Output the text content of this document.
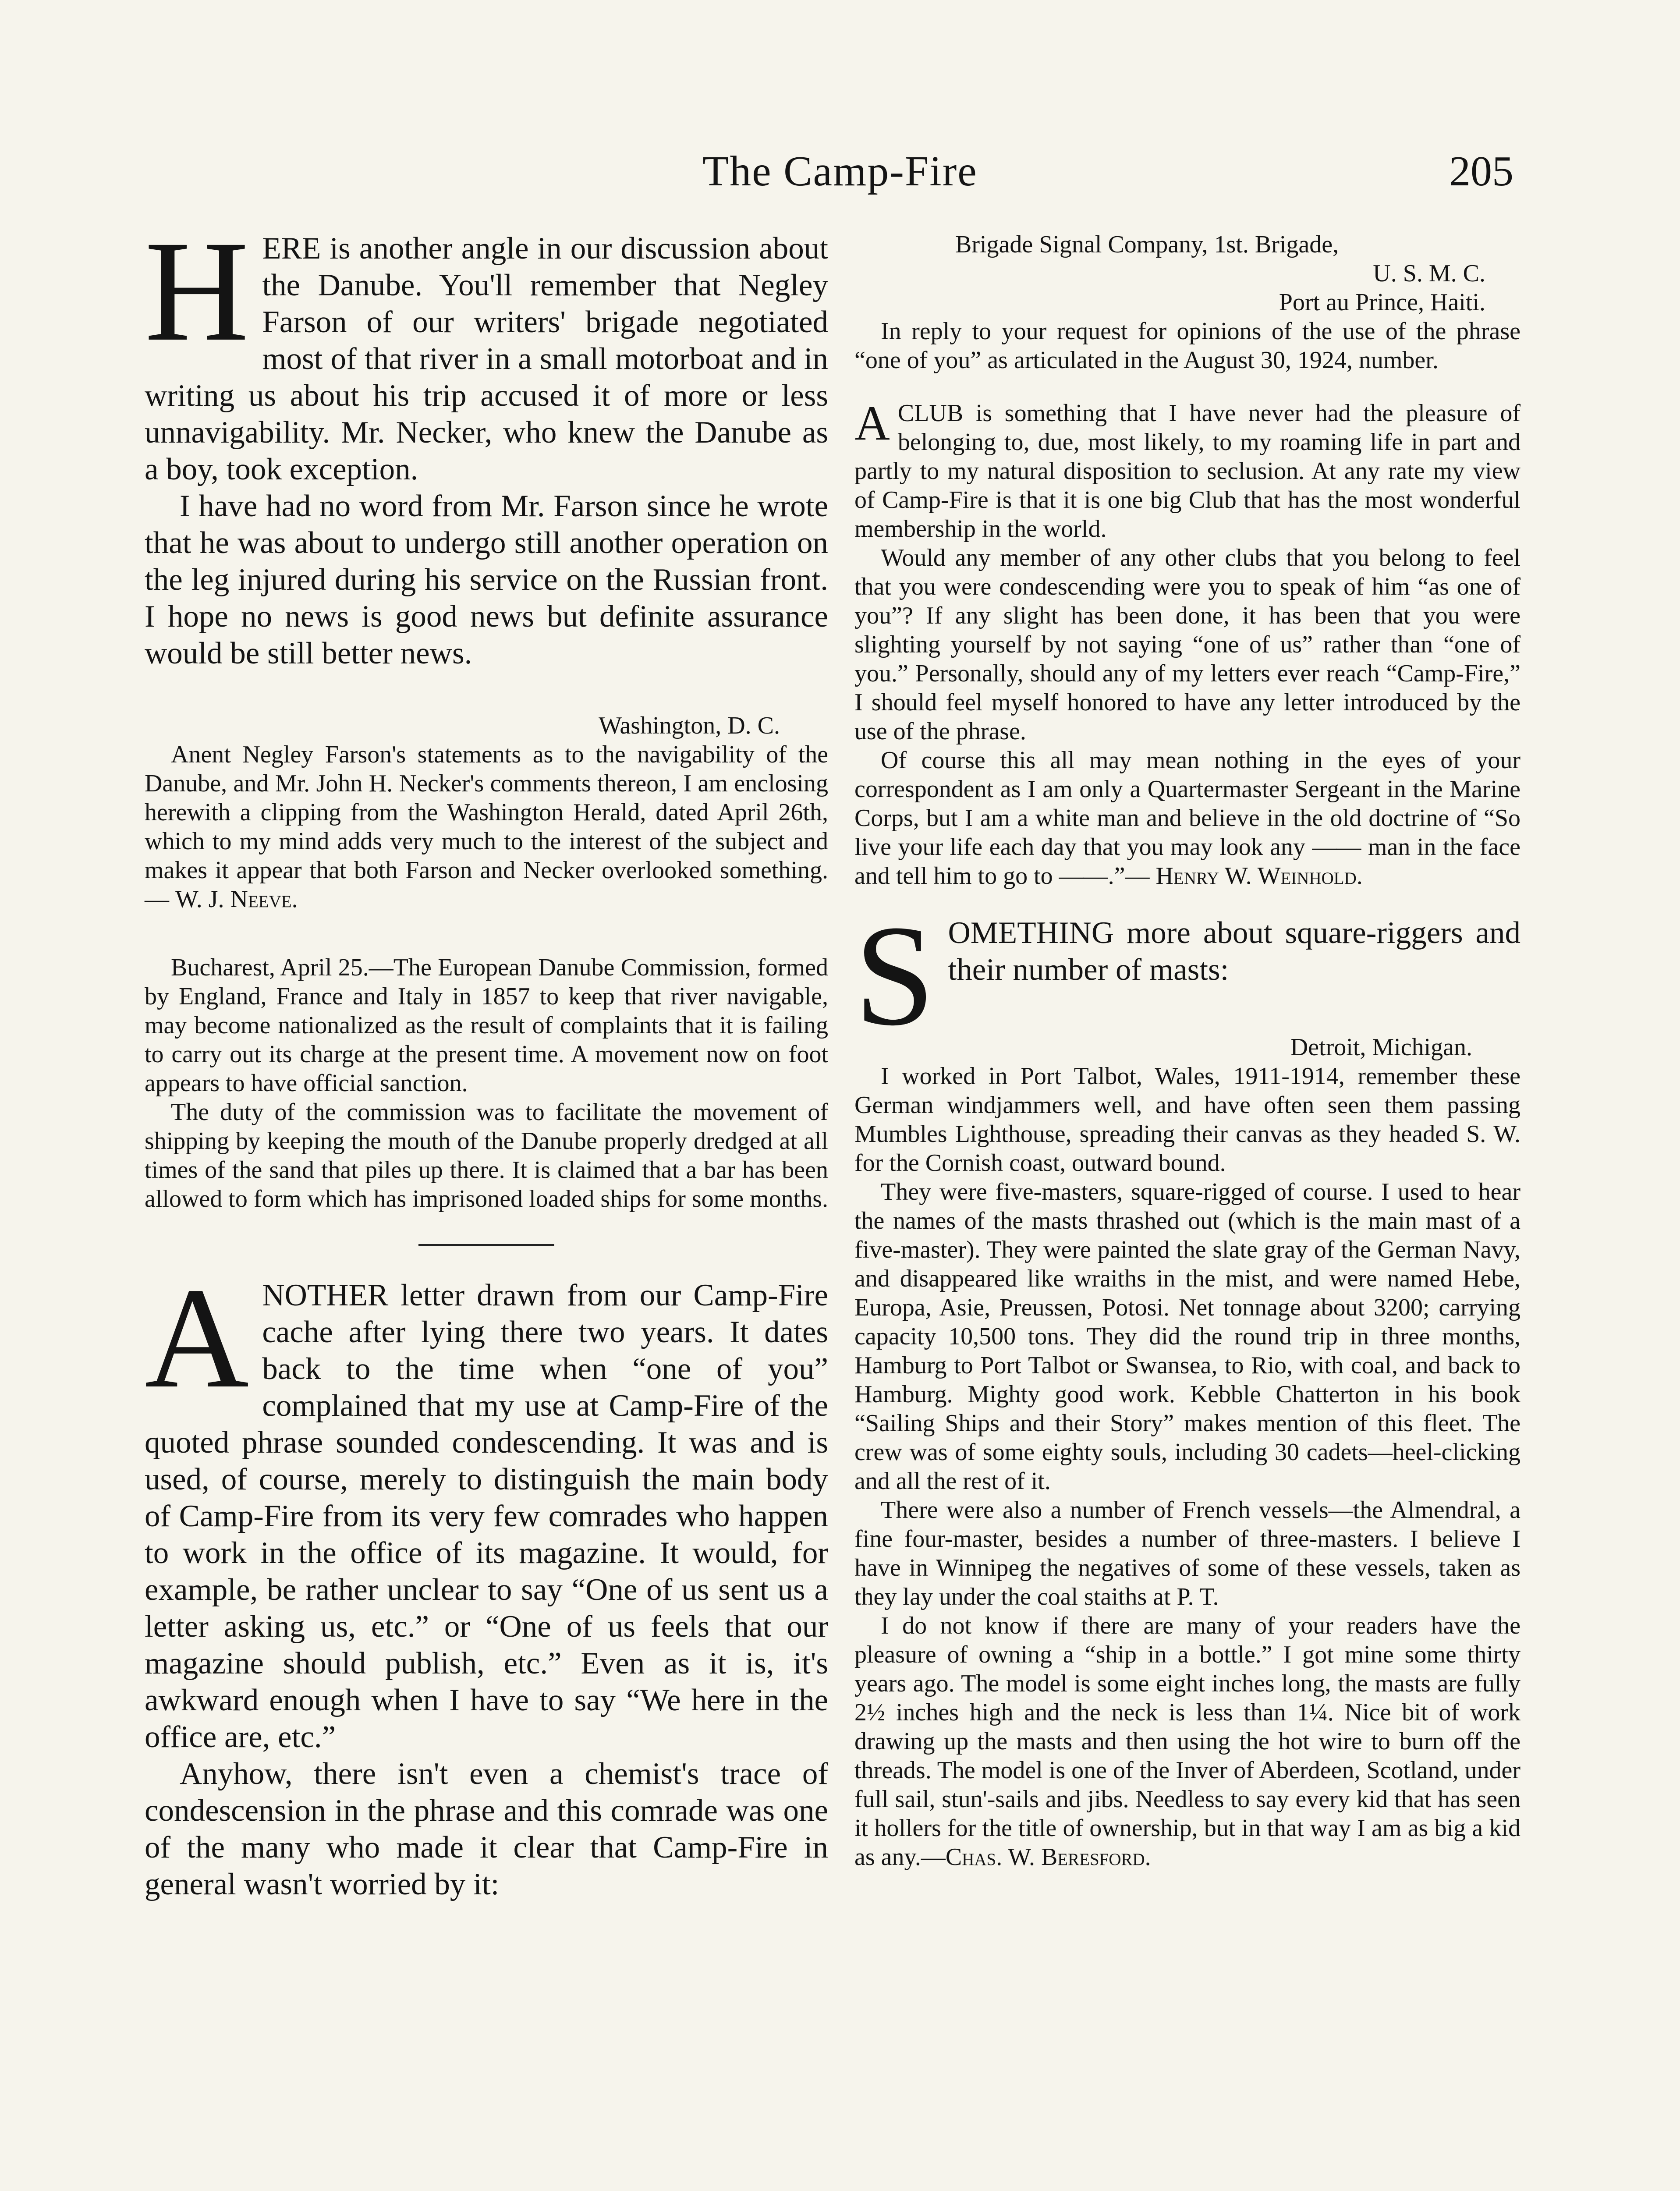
The Camp-Fire	205

HERE is another angle in our discussion about the Danube. You'll remember that Negley Farson of our writers' brigade negotiated most of that river in a small motorboat and in writing us about his trip accused it of more or less unnavigability. Mr. Necker, who knew the Danube as a boy, took exception.

I have had no word from Mr. Farson since he wrote that he was about to undergo still another operation on the leg injured during his service on the Russian front. I hope no news is good news but definite assurance would be still better news.

Washington, D. C.

Anent Negley Farson's statements as to the navigability of the Danube, and Mr. John H. Necker's comments thereon, I am enclosing herewith a clipping from the Washington Herald, dated April 26th, which to my mind adds very much to the interest of the subject and makes it appear that both Farson and Necker overlooked something.— W. J. Neeve.

Bucharest, April 25.—The European Danube Commission, formed by England, France and Italy in 1857 to keep that river navigable, may become nationalized as the result of complaints that it is failing to carry out its charge at the present time. A movement now on foot appears to have official sanction.

The duty of the commission was to facilitate the movement of shipping by keeping the mouth of the Danube properly dredged at all times of the sand that piles up there. It is claimed that a bar has been allowed to form which has imprisoned loaded ships for some months.

ANOTHER letter drawn from our Camp-Fire cache after lying there two years. It dates back to the time when “one of you” complained that my use at Camp-Fire of the quoted phrase sounded condescending. It was and is used, of course, merely to distinguish the main body of Camp-Fire from its very few comrades who happen to work in the office of its magazine. It would, for example, be rather unclear to say “One of us sent us a letter asking us, etc.” or “One of us feels that our magazine should publish, etc.” Even as it is, it's awkward enough when I have to say “We here in the office are, etc.”

Anyhow, there isn't even a chemist's trace of condescension in the phrase and this comrade was one of the many who made it clear that Camp-Fire in general wasn't worried by it:

Brigade Signal Company, 1st. Brigade,

U. S. M. C.

Port au Prince, Haiti.

In reply to your request for opinions of the use of the phrase “one of you” as articulated in the August 30, 1924, number.

ACLUB is something that I have never had the pleasure of belonging to, due, most likely, to my roaming life in part and partly to my natural disposition to seclusion. At any rate my view of Camp-Fire is that it is one big Club that has the most wonderful membership in the world.

Would any member of any other clubs that you belong to feel that you were condescending were you to speak of him “as one of you”? If any slight has been done, it has been that you were slighting yourself by not saying “one of us” rather than “one of you.” Personally, should any of my letters ever reach “Camp-Fire,” I should feel myself honored to have any letter introduced by the use of the phrase.

Of course this all may mean nothing in the eyes of your correspondent as I am only a Quartermaster Sergeant in the Marine Corps, but I am a white man and believe in the old doctrine of “So live your life each day that you may look any —— man in the face and tell him to go to ——.”— Henry W. Weinhold.

SOMETHING more about square-riggers and their number of masts:

Detroit, Michigan.

I worked in Port Talbot, Wales, 1911-1914, remember these German windjammers well, and have often seen them passing Mumbles Lighthouse, spreading their canvas as they headed S. W. for the Cornish coast, outward bound.

They were five-masters, square-rigged of course. I used to hear the names of the masts thrashed out (which is the main mast of a five-master). They were painted the slate gray of the German Navy, and disappeared like wraiths in the mist, and were named Hebe, Europa, Asie, Preussen, Potosi. Net tonnage about 3200; carrying capacity 10,500 tons. They did the round trip in three months, Hamburg to Port Talbot or Swansea, to Rio, with coal, and back to Hamburg. Mighty good work. Kebble Chatterton in his book “Sailing Ships and their Story” makes mention of this fleet. The crew was of some eighty souls, including 30 cadets—heel-clicking and all the rest of it.

There were also a number of French vessels—the Almendral, a fine four-master, besides a number of three-masters. I believe I have in Winnipeg the negatives of some of these vessels, taken as they lay under the coal staiths at P. T.

I do not know if there are many of your readers have the pleasure of owning a “ship in a bottle.” I got mine some thirty years ago. The model is some eight inches long, the masts are fully 2½ inches high and the neck is less than 1¼. Nice bit of work drawing up the masts and then using the hot wire to burn off the threads. The model is one of the Inver of Aberdeen, Scotland, under full sail, stun'-sails and jibs. Needless to say every kid that has seen it hollers for the title of ownership, but in that way I am as big a kid as any.—Chas. W. Beresford.
